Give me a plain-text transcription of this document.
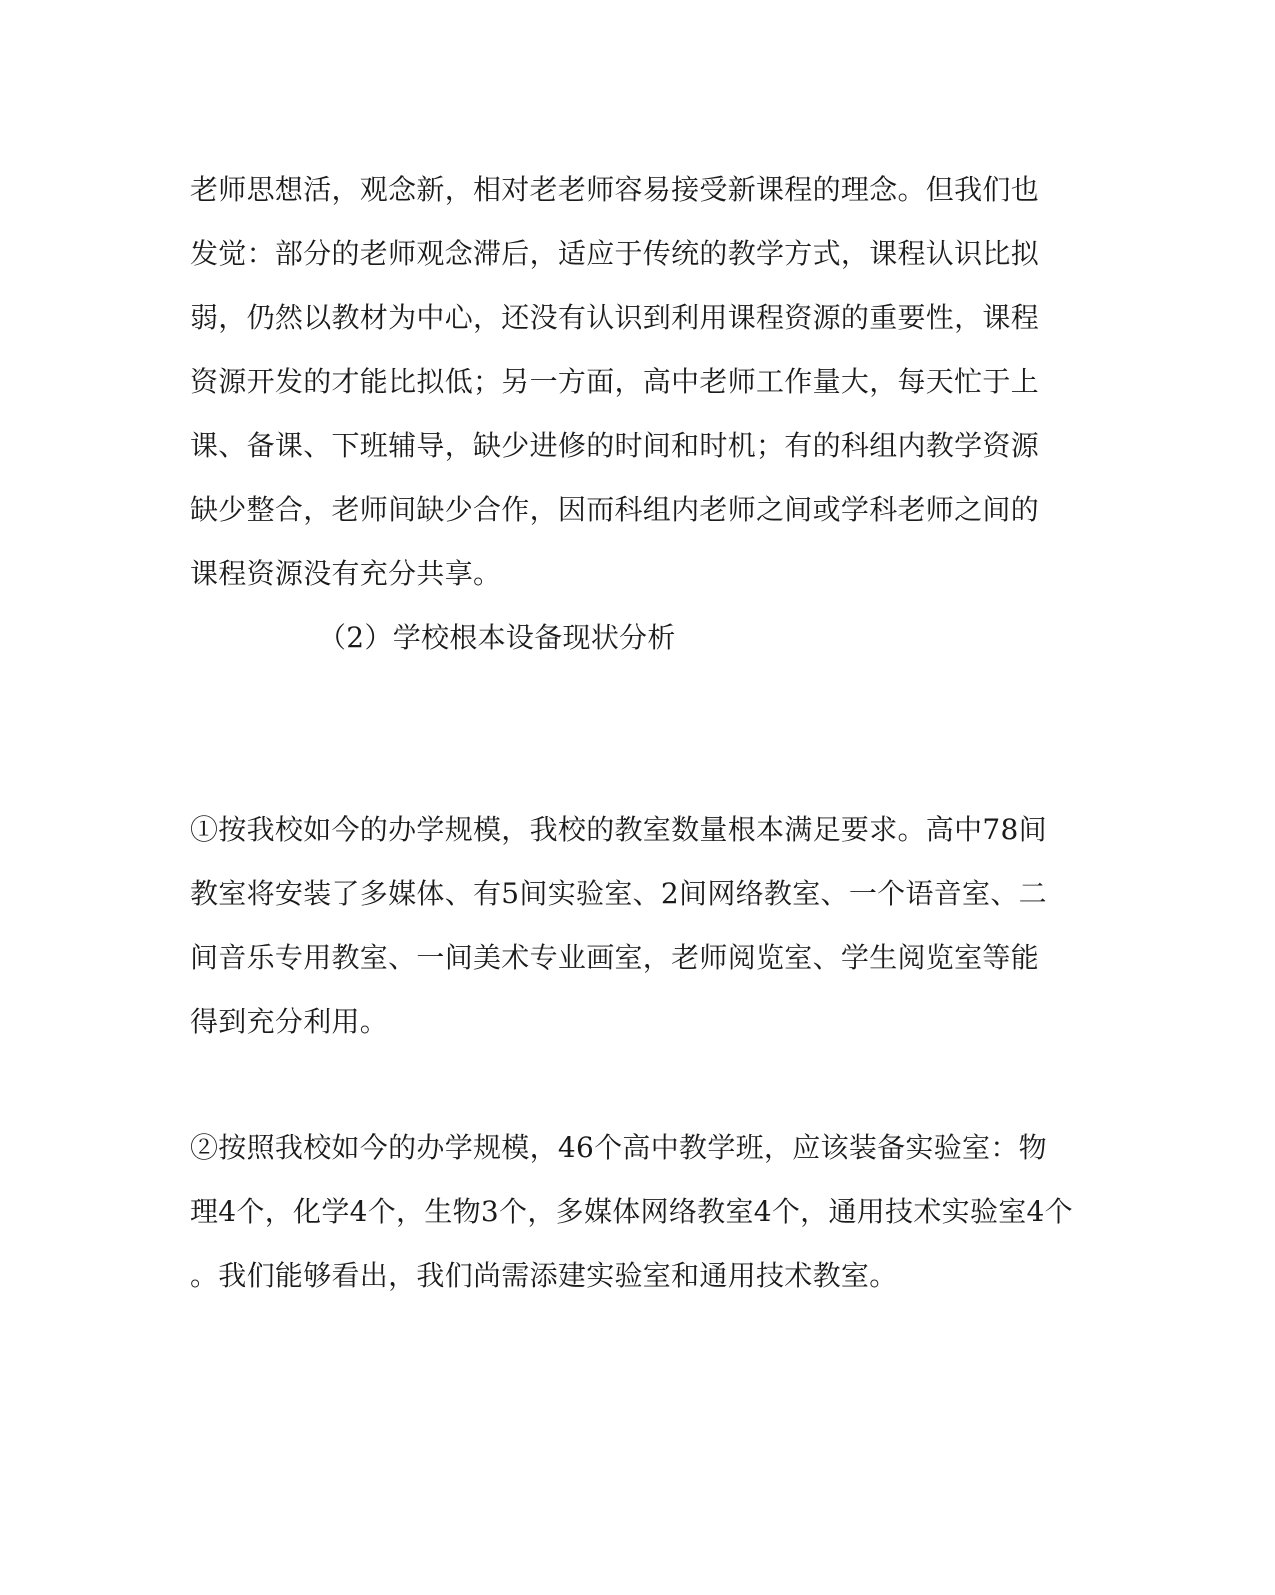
老师思想活，观念新，相对老老师容易接受新课程的理念。但我们也
发觉：部分的老师观念滞后，适应于传统的教学方式，课程认识比拟
弱，仍然以教材为中心，还没有认识到利用课程资源的重要性，课程
资源开发的才能比拟低；另一方面，高中老师工作量大，每天忙于上
课、备课、下班辅导，缺少进修的时间和时机；有的科组内教学资源
缺少整合，老师间缺少合作，因而科组内老师之间或学科老师之间的
课程资源没有充分共享。
（2）学校根本设备现状分析
①按我校如今的办学规模，我校的教室数量根本满足要求。高中78间
教室将安装了多媒体、有5间实验室、2间网络教室、一个语音室、二
间音乐专用教室、一间美术专业画室，老师阅览室、学生阅览室等能
得到充分利用。
②按照我校如今的办学规模，46个高中教学班，应该装备实验室：物
理4个，化学4个，生物3个，多媒体网络教室4个，通用技术实验室4个
。我们能够看出，我们尚需添建实验室和通用技术教室。
